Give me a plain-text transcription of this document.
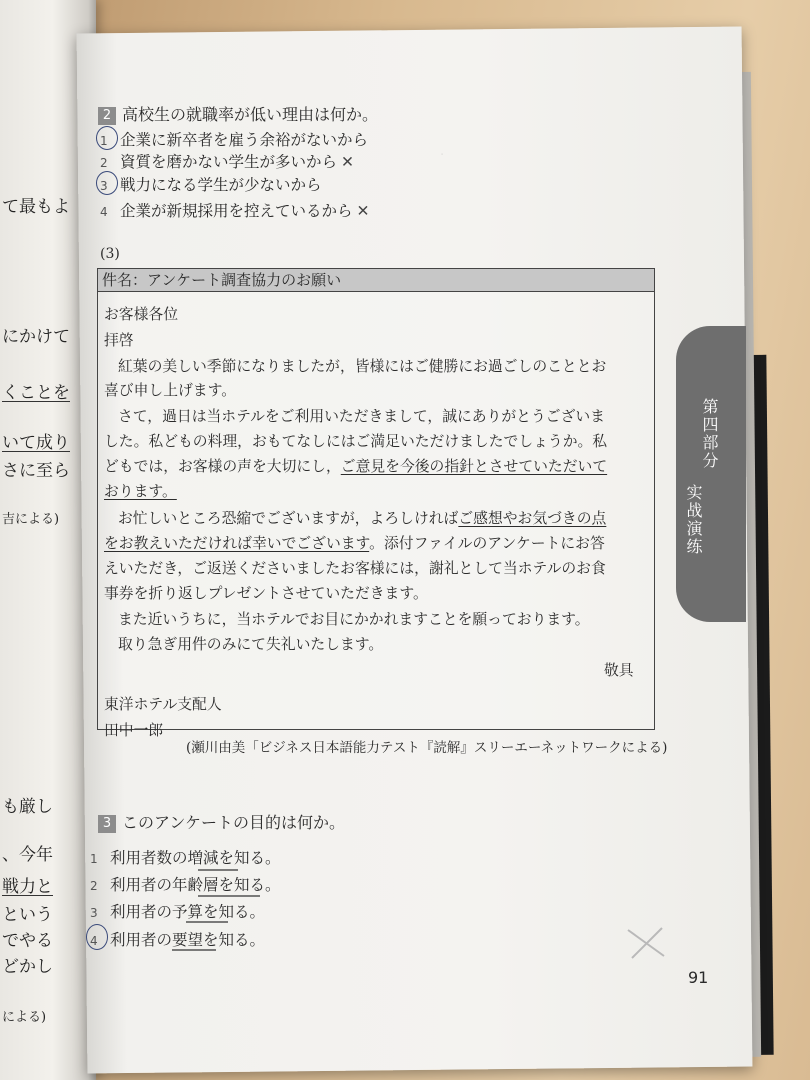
て最もよ
にかけて
くことを
いて成り
さに至ら
吉による)
も厳し
、今年
戦力と
という
でやる
どかし
による)
.　　　　　　　
第四部分
实战演练
2 高校生の就職率が低い理由は何か。
1 企業に新卒者を雇う余裕がないから
2 資質を磨かない学生が多いから ✕
3 戦力になる学生が少ないから
4 企業が新規採用を控えているから ✕
(3)
件名：アンケート調査協力のお願い
お客様各位
拝啓
紅葉の美しい季節になりましたが，皆様にはご健勝にお過ごしのこととお
喜び申し上げます。
さて，過日は当ホテルをご利用いただきまして，誠にありがとうございま
した。私どもの料理，おもてなしにはご満足いただけましたでしょうか。私
どもでは，お客様の声を大切にし，ご意見を今後の指針とさせていただいて
おります。
お忙しいところ恐縮でございますが，よろしければご感想やお気づきの点
をお教えいただければ幸いでございます。添付ファイルのアンケートにお答
えいただき，ご返送くださいましたお客様には，謝礼として当ホテルのお食
事券を折り返しプレゼントさせていただきます。
また近いうちに，当ホテルでお目にかかれますことを願っております。
取り急ぎ用件のみにて失礼いたします。
敬具
東洋ホテル支配人
田中一郎
(瀬川由美「ビジネス日本語能力テスト『読解』スリーエーネットワークによる)
3 このアンケートの目的は何か。
1 利用者数の増減を知る。
2 利用者の年齢層を知る。
3 利用者の予算を知る。
4 利用者の要望を知る。
91
